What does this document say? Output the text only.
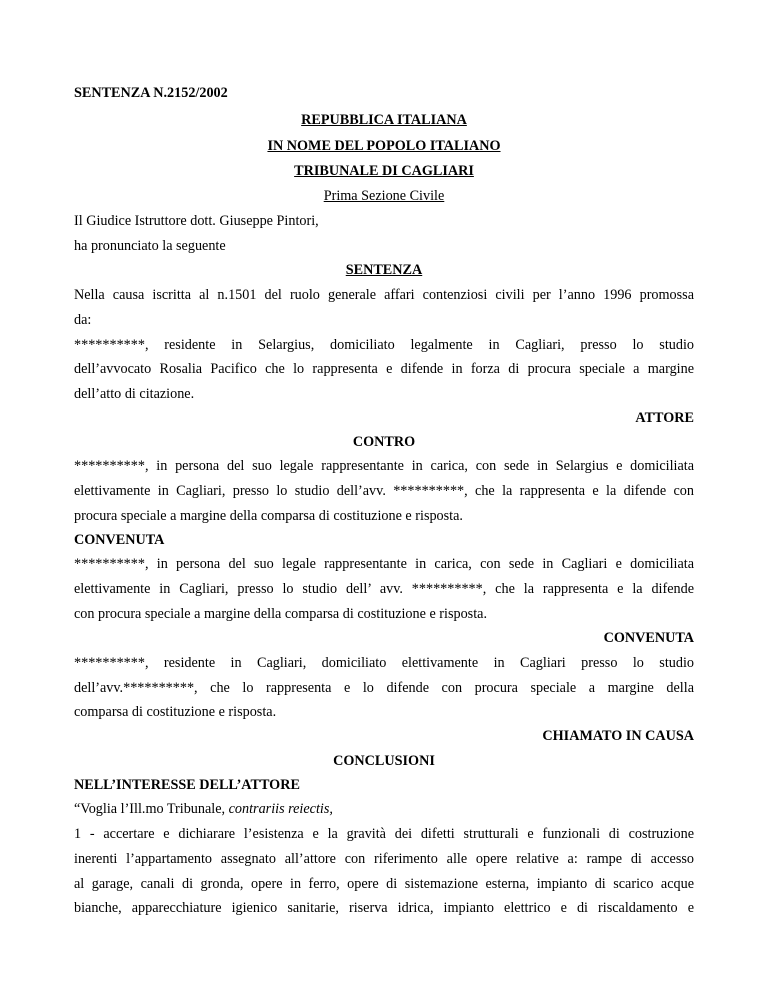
SENTENZA N.2152/2002
REPUBBLICA ITALIANA
IN NOME DEL POPOLO ITALIANO
TRIBUNALE DI CAGLIARI
Prima Sezione Civile
Il Giudice Istruttore dott. Giuseppe Pintori,
ha pronunciato la seguente
SENTENZA
Nella causa iscritta al n.1501 del ruolo generale affari contenziosi civili per l’anno 1996 promossa
da:
**********, residente in Selargius, domiciliato legalmente in Cagliari, presso lo studio
dell’avvocato Rosalia Pacifico che lo rappresenta e difende in forza di procura speciale a margine
dell’atto di citazione.
ATTORE
CONTRO
**********, in persona del suo legale rappresentante in carica, con sede in Selargius e domiciliata
elettivamente in Cagliari, presso lo studio dell’avv. **********, che la rappresenta e la difende con
procura speciale a margine della comparsa di costituzione e risposta.
CONVENUTA
**********, in persona del suo legale rappresentante in carica, con sede in Cagliari e domiciliata
elettivamente in Cagliari, presso lo studio dell’ avv. **********, che la rappresenta e la difende
con procura speciale a margine della comparsa di costituzione e risposta.
CONVENUTA
**********, residente in Cagliari, domiciliato elettivamente in Cagliari presso lo studio
dell’avv.**********, che lo rappresenta e lo difende con procura speciale a margine della
comparsa di costituzione e risposta.
CHIAMATO IN CAUSA
CONCLUSIONI
NELL’INTERESSE DELL’ATTORE
“Voglia l’Ill.mo Tribunale, contrariis reiectis,
1 - accertare e dichiarare l’esistenza e la gravità dei difetti strutturali e funzionali di costruzione
inerenti l’appartamento assegnato all’attore con riferimento alle opere relative a: rampe di accesso
al garage, canali di gronda, opere in ferro, opere di sistemazione esterna, impianto di scarico acque
bianche, apparecchiature igienico sanitarie, riserva idrica, impianto elettrico e di riscaldamento e
